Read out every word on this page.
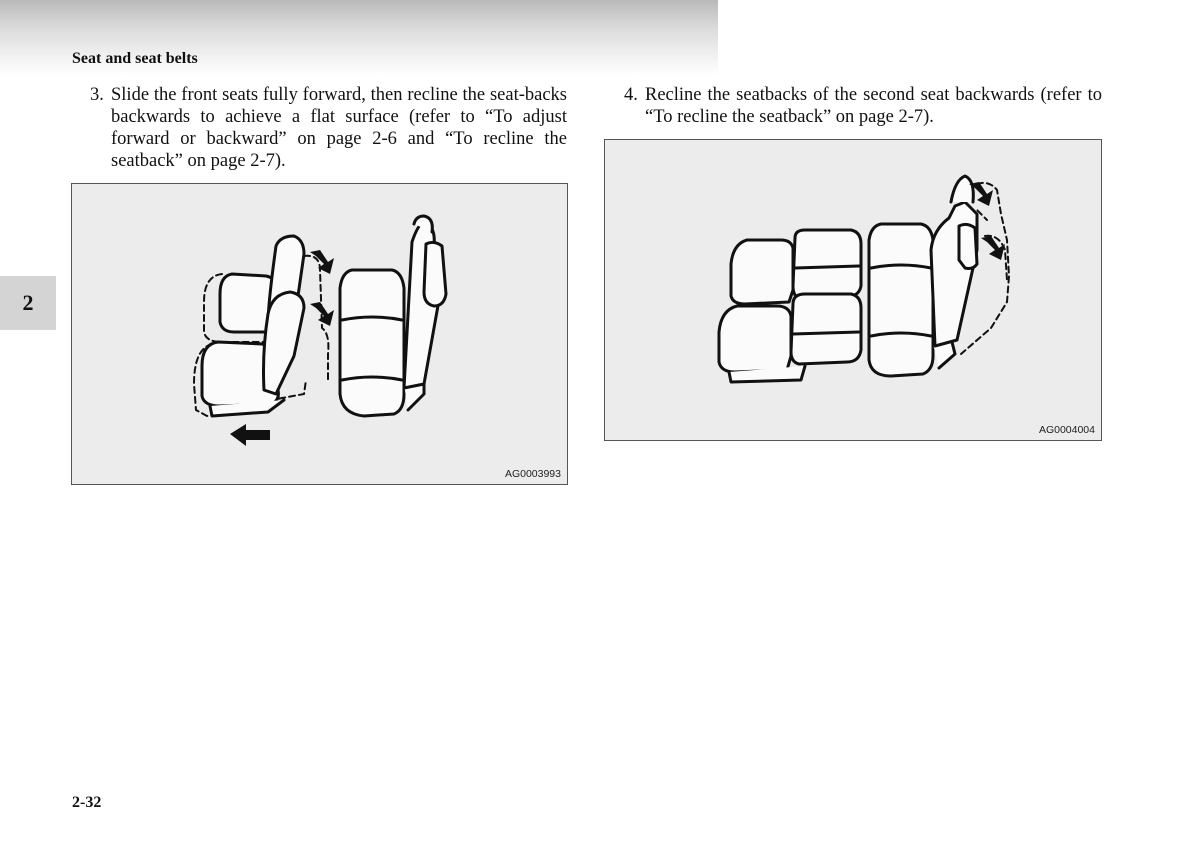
Seat and seat belts
2
3. Slide the front seats fully forward, then recline the seat-backs backwards to achieve a flat surface (refer to “To adjust forward or backward” on page 2-6 and “To recline the seatback” on page 2-7).
4. Recline the seatbacks of the second seat backwards (refer to “To recline the seatback” on page 2-7).
AG0003993
AG0004004
2-32
